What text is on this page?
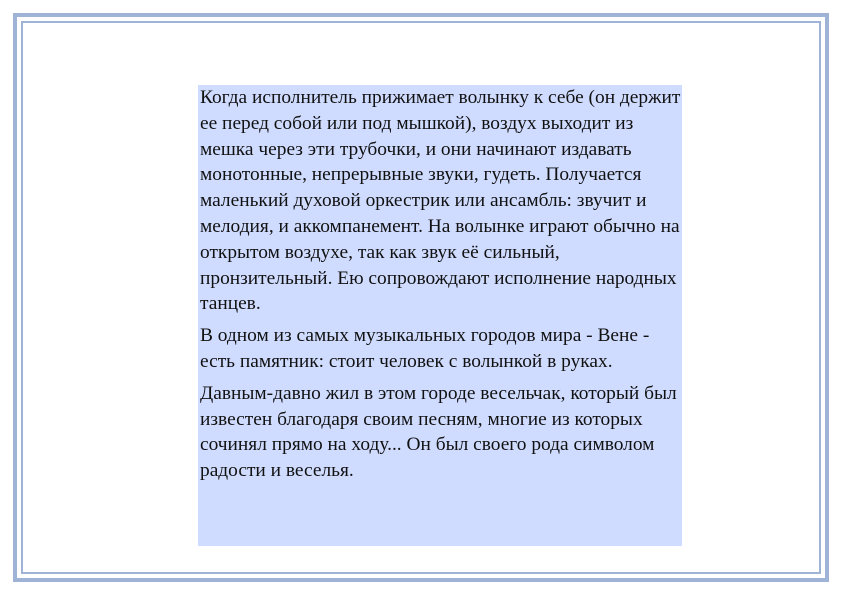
Когда исполнитель прижимает волынку к себе (он держит ее перед собой или под мышкой), воздух выходит из мешка через эти трубочки, и они начинают издавать монотонные, непрерывные звуки, гудеть. Получается маленький духовой оркестрик или ансамбль: звучит и мелодия, и аккомпанемент. На волынке играют обычно на открытом воздухе, так как звук её сильный, пронзительный. Ею сопровождают исполнение народных танцев.

В одном из самых музыкальных городов мира - Вене - есть памятник: стоит человек с волынкой в руках.

Давным-давно жил в этом городе весельчак, который был известен благодаря своим песням, многие из которых сочинял прямо на ходу... Он был своего рода символом радости и веселья.
